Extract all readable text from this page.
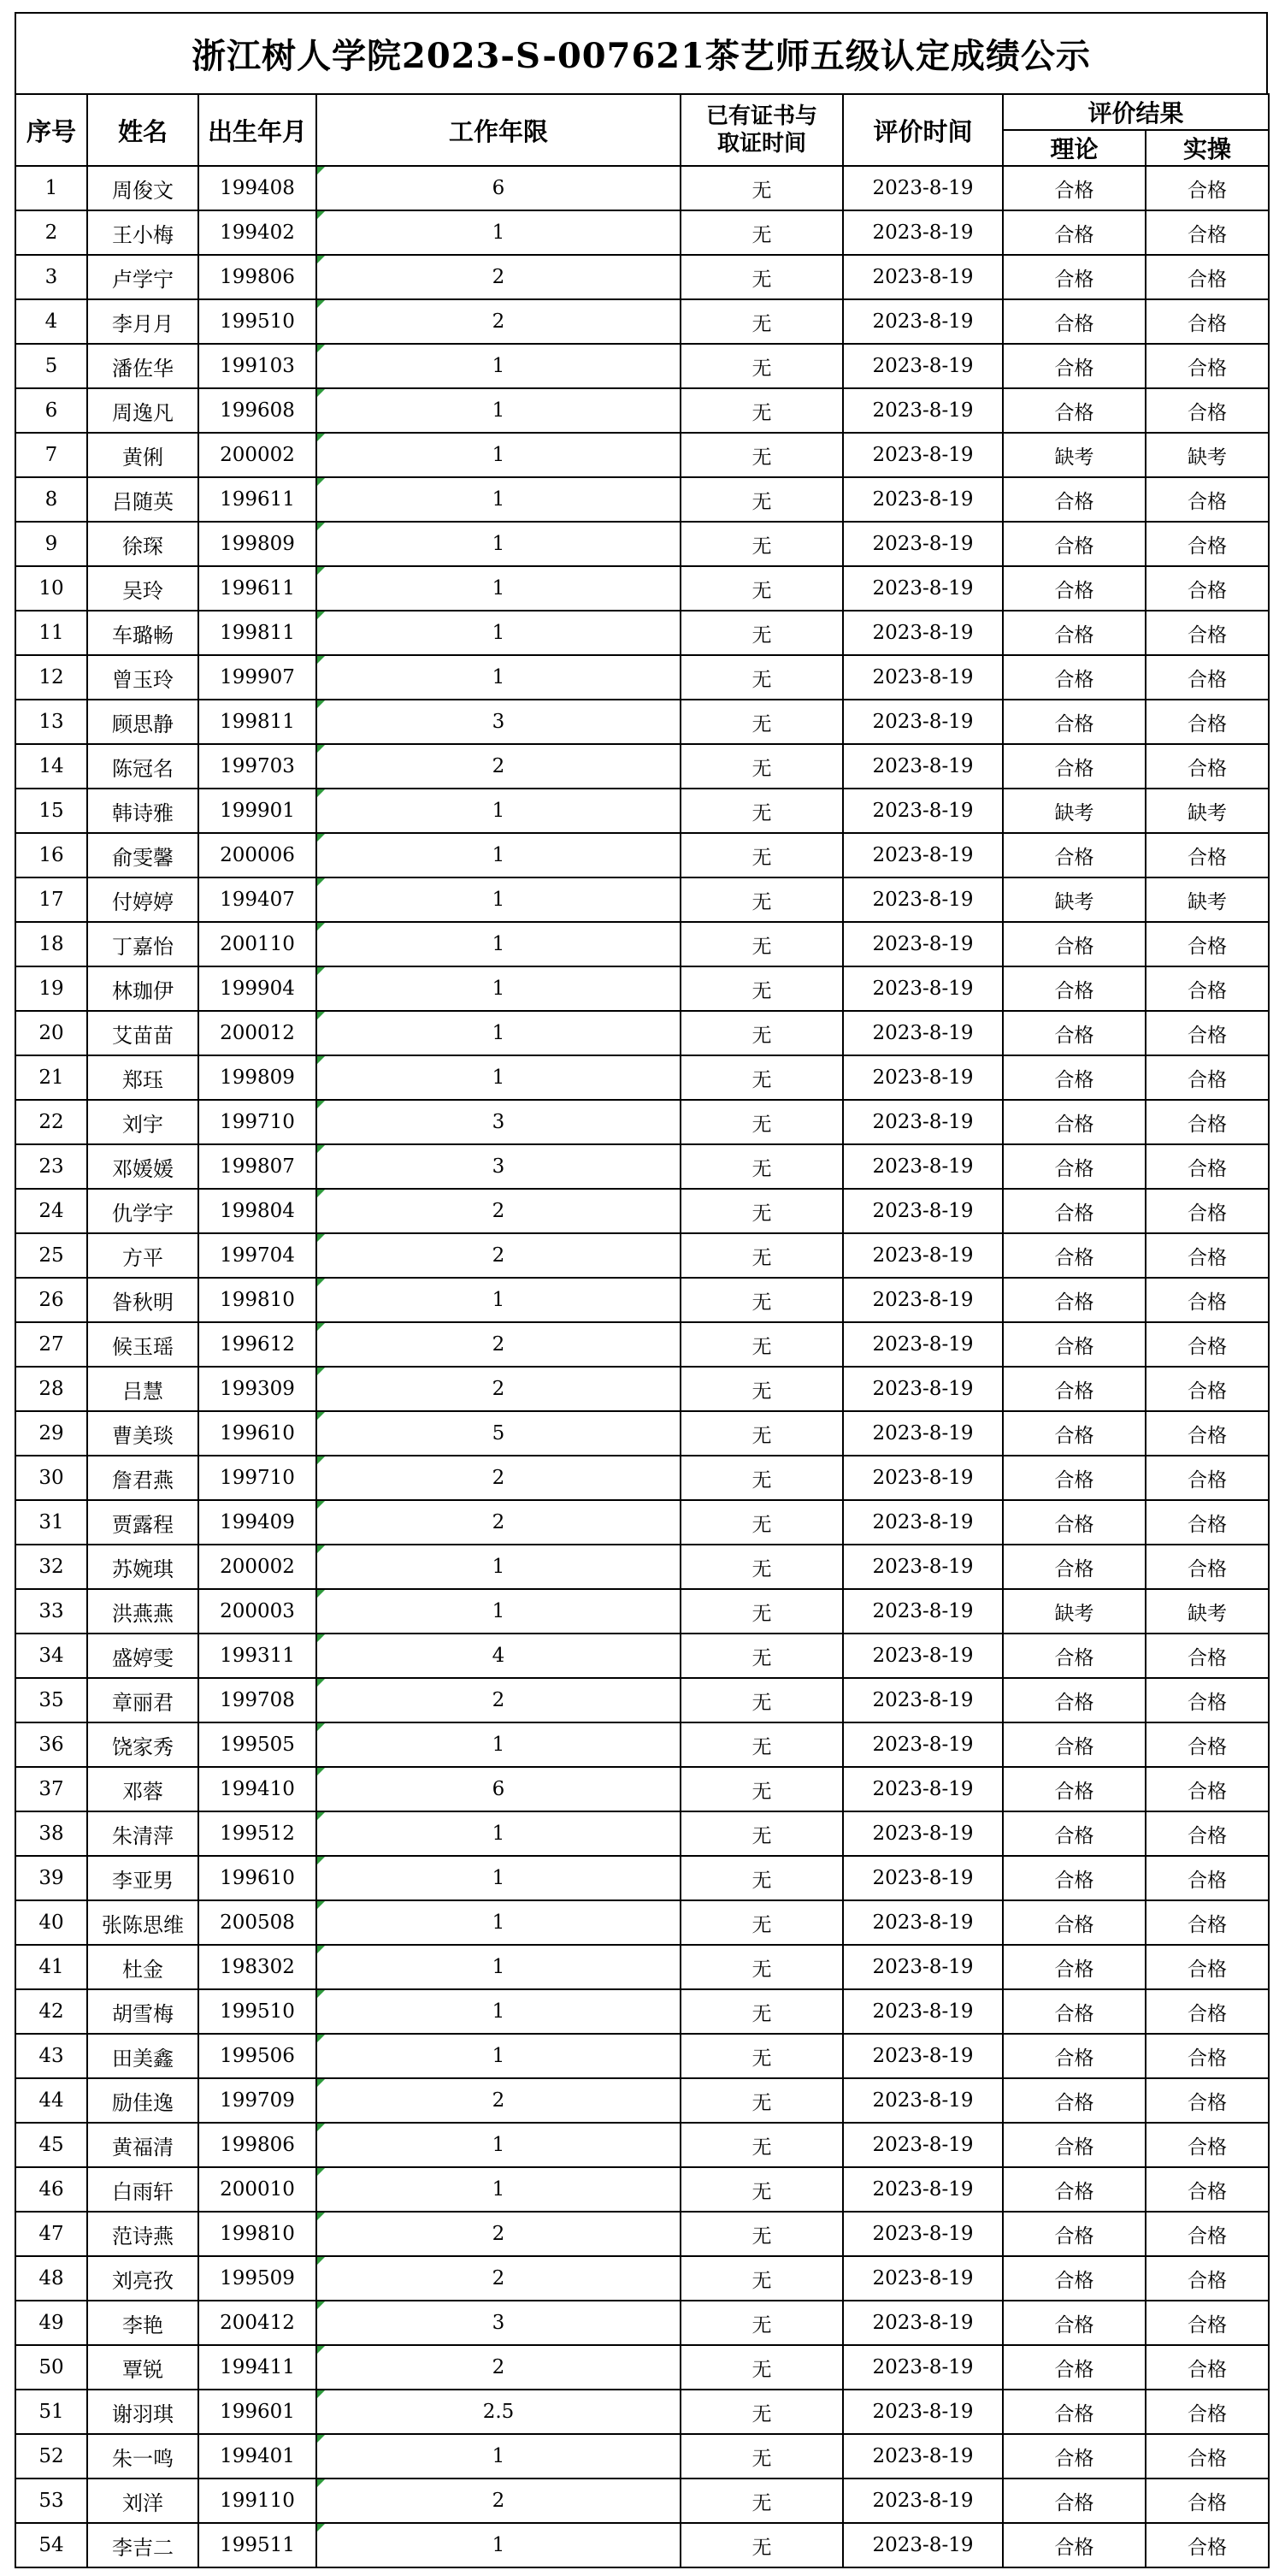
浙江树人学院2023-S-007621茶艺师五级认定成绩公示
序号	姓名	出生年月	工作年限	已有证书与
取证时间	评价时间	评价结果	
						理论	实操
1	周俊文	199408	6	无	2023-8-19	合格	合格
2	王小梅	199402	1	无	2023-8-19	合格	合格
3	卢学宁	199806	2	无	2023-8-19	合格	合格
4	李月月	199510	2	无	2023-8-19	合格	合格
5	潘佐华	199103	1	无	2023-8-19	合格	合格
6	周逸凡	199608	1	无	2023-8-19	合格	合格
7	黄俐	200002	1	无	2023-8-19	缺考	缺考
8	吕随英	199611	1	无	2023-8-19	合格	合格
9	徐琛	199809	1	无	2023-8-19	合格	合格
10	吴玲	199611	1	无	2023-8-19	合格	合格
11	车璐畅	199811	1	无	2023-8-19	合格	合格
12	曾玉玲	199907	1	无	2023-8-19	合格	合格
13	顾思静	199811	3	无	2023-8-19	合格	合格
14	陈冠名	199703	2	无	2023-8-19	合格	合格
15	韩诗雅	199901	1	无	2023-8-19	缺考	缺考
16	俞雯馨	200006	1	无	2023-8-19	合格	合格
17	付婷婷	199407	1	无	2023-8-19	缺考	缺考
18	丁嘉怡	200110	1	无	2023-8-19	合格	合格
19	林珈伊	199904	1	无	2023-8-19	合格	合格
20	艾苗苗	200012	1	无	2023-8-19	合格	合格
21	郑珏	199809	1	无	2023-8-19	合格	合格
22	刘宇	199710	3	无	2023-8-19	合格	合格
23	邓媛媛	199807	3	无	2023-8-19	合格	合格
24	仇学宇	199804	2	无	2023-8-19	合格	合格
25	方平	199704	2	无	2023-8-19	合格	合格
26	昝秋明	199810	1	无	2023-8-19	合格	合格
27	候玉瑶	199612	2	无	2023-8-19	合格	合格
28	吕慧	199309	2	无	2023-8-19	合格	合格
29	曹美琰	199610	5	无	2023-8-19	合格	合格
30	詹君燕	199710	2	无	2023-8-19	合格	合格
31	贾露程	199409	2	无	2023-8-19	合格	合格
32	苏婉琪	200002	1	无	2023-8-19	合格	合格
33	洪燕燕	200003	1	无	2023-8-19	缺考	缺考
34	盛婷雯	199311	4	无	2023-8-19	合格	合格
35	章丽君	199708	2	无	2023-8-19	合格	合格
36	饶家秀	199505	1	无	2023-8-19	合格	合格
37	邓蓉	199410	6	无	2023-8-19	合格	合格
38	朱清萍	199512	1	无	2023-8-19	合格	合格
39	李亚男	199610	1	无	2023-8-19	合格	合格
40	张陈思维	200508	1	无	2023-8-19	合格	合格
41	杜金	198302	1	无	2023-8-19	合格	合格
42	胡雪梅	199510	1	无	2023-8-19	合格	合格
43	田美鑫	199506	1	无	2023-8-19	合格	合格
44	励佳逸	199709	2	无	2023-8-19	合格	合格
45	黄福清	199806	1	无	2023-8-19	合格	合格
46	白雨轩	200010	1	无	2023-8-19	合格	合格
47	范诗燕	199810	2	无	2023-8-19	合格	合格
48	刘亮孜	199509	2	无	2023-8-19	合格	合格
49	李艳	200412	3	无	2023-8-19	合格	合格
50	覃锐	199411	2	无	2023-8-19	合格	合格
51	谢羽琪	199601	2.5	无	2023-8-19	合格	合格
52	朱一鸣	199401	1	无	2023-8-19	合格	合格
53	刘洋	199110	2	无	2023-8-19	合格	合格
54	李吉二	199511	1	无	2023-8-19	合格	合格
